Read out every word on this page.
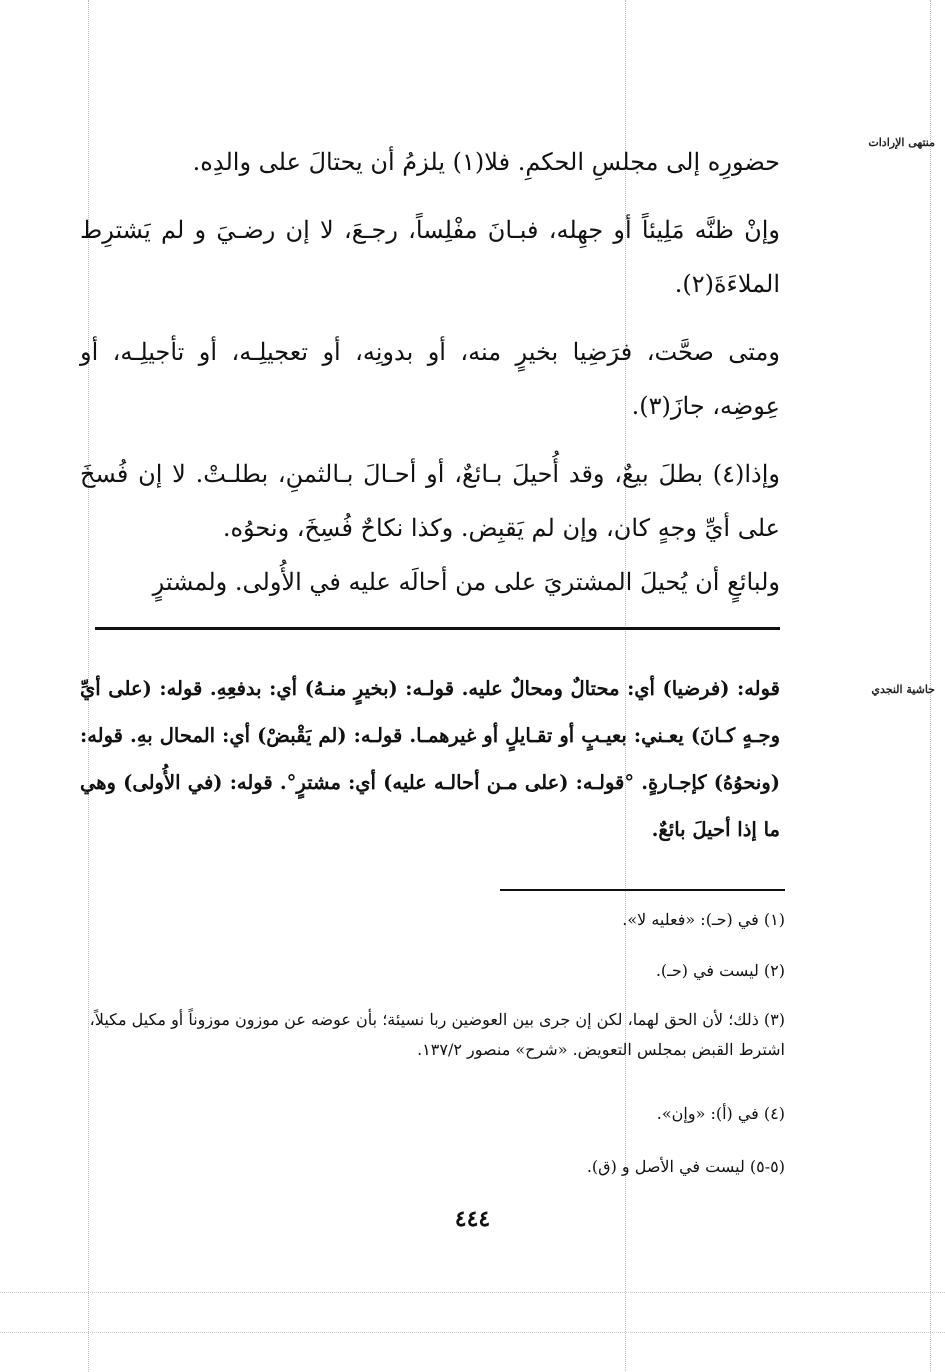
منتهى الإرادات

حضورِه إلى مجلسِ الحكمِ. فلا(١) يلزمُ أن يحتالَ على والدِه.

وإنْ ظنَّه مَلِيئاً أو جهِله، فبـانَ مفْلِساً، رجـعَ، لا إن رضـيَ و لم يَشترِط الملاءَةَ(٢).

ومتى صحَّت، فرَضِيا بخيرٍ منه، أو بدونِه، أو تعجيلِـه، أو تأجيلِـه، أو عِوضِه، جازَ(٣).

وإذا(٤) بطلَ بيعٌ، وقد أُحيلَ بـائعٌ، أو أحـالَ بـالثمنِ، بطلـتْ. لا إن فُسخَ على أيِّ وجهٍ كان، وإن لم يَقبِض. وكذا نكاحٌ فُسِخَ، ونحوُه.

ولبائعٍ أن يُحيلَ المشتريَ على من أحالَه عليه في الأُولى. ولمشترٍ

حاشية النجدي

قوله: (فرضيا) أي: محتالٌ ومحالٌ عليه. قولـه: (بخيرٍ منـهُ) أي: بدفعِهِ. قوله: (على أيِّ وجـهٍ كـانَ) يعـني: بعيـبٍ أو تقـايلٍ أو غيرهمـا. قولـه: (لم يَقْبضْ) أي: المحال بهِ. قوله: (ونحوُهُ) كإجـارةٍ. °قولـه: (على مـن أحالـه عليه) أي: مشترٍ°. قوله: (في الأُولى) وهي ما إذا أحيلَ بائعٌ.

(١) في (حـ): «فعليه لا».

(٢) ليست في (حـ).

(٣) ذلك؛ لأن الحق لهما، لكن إن جرى بين العوضين ربا نسيئة؛ بأن عوضه عن موزون موزوناً أو مكيل مكيلاً، اشترط القبض بمجلس التعويض. «شرح» منصور ١٣٧/٢.

(٤) في (أ): «وإن».

(٥-٥) ليست في الأصل و (ق).

٤٤٤
